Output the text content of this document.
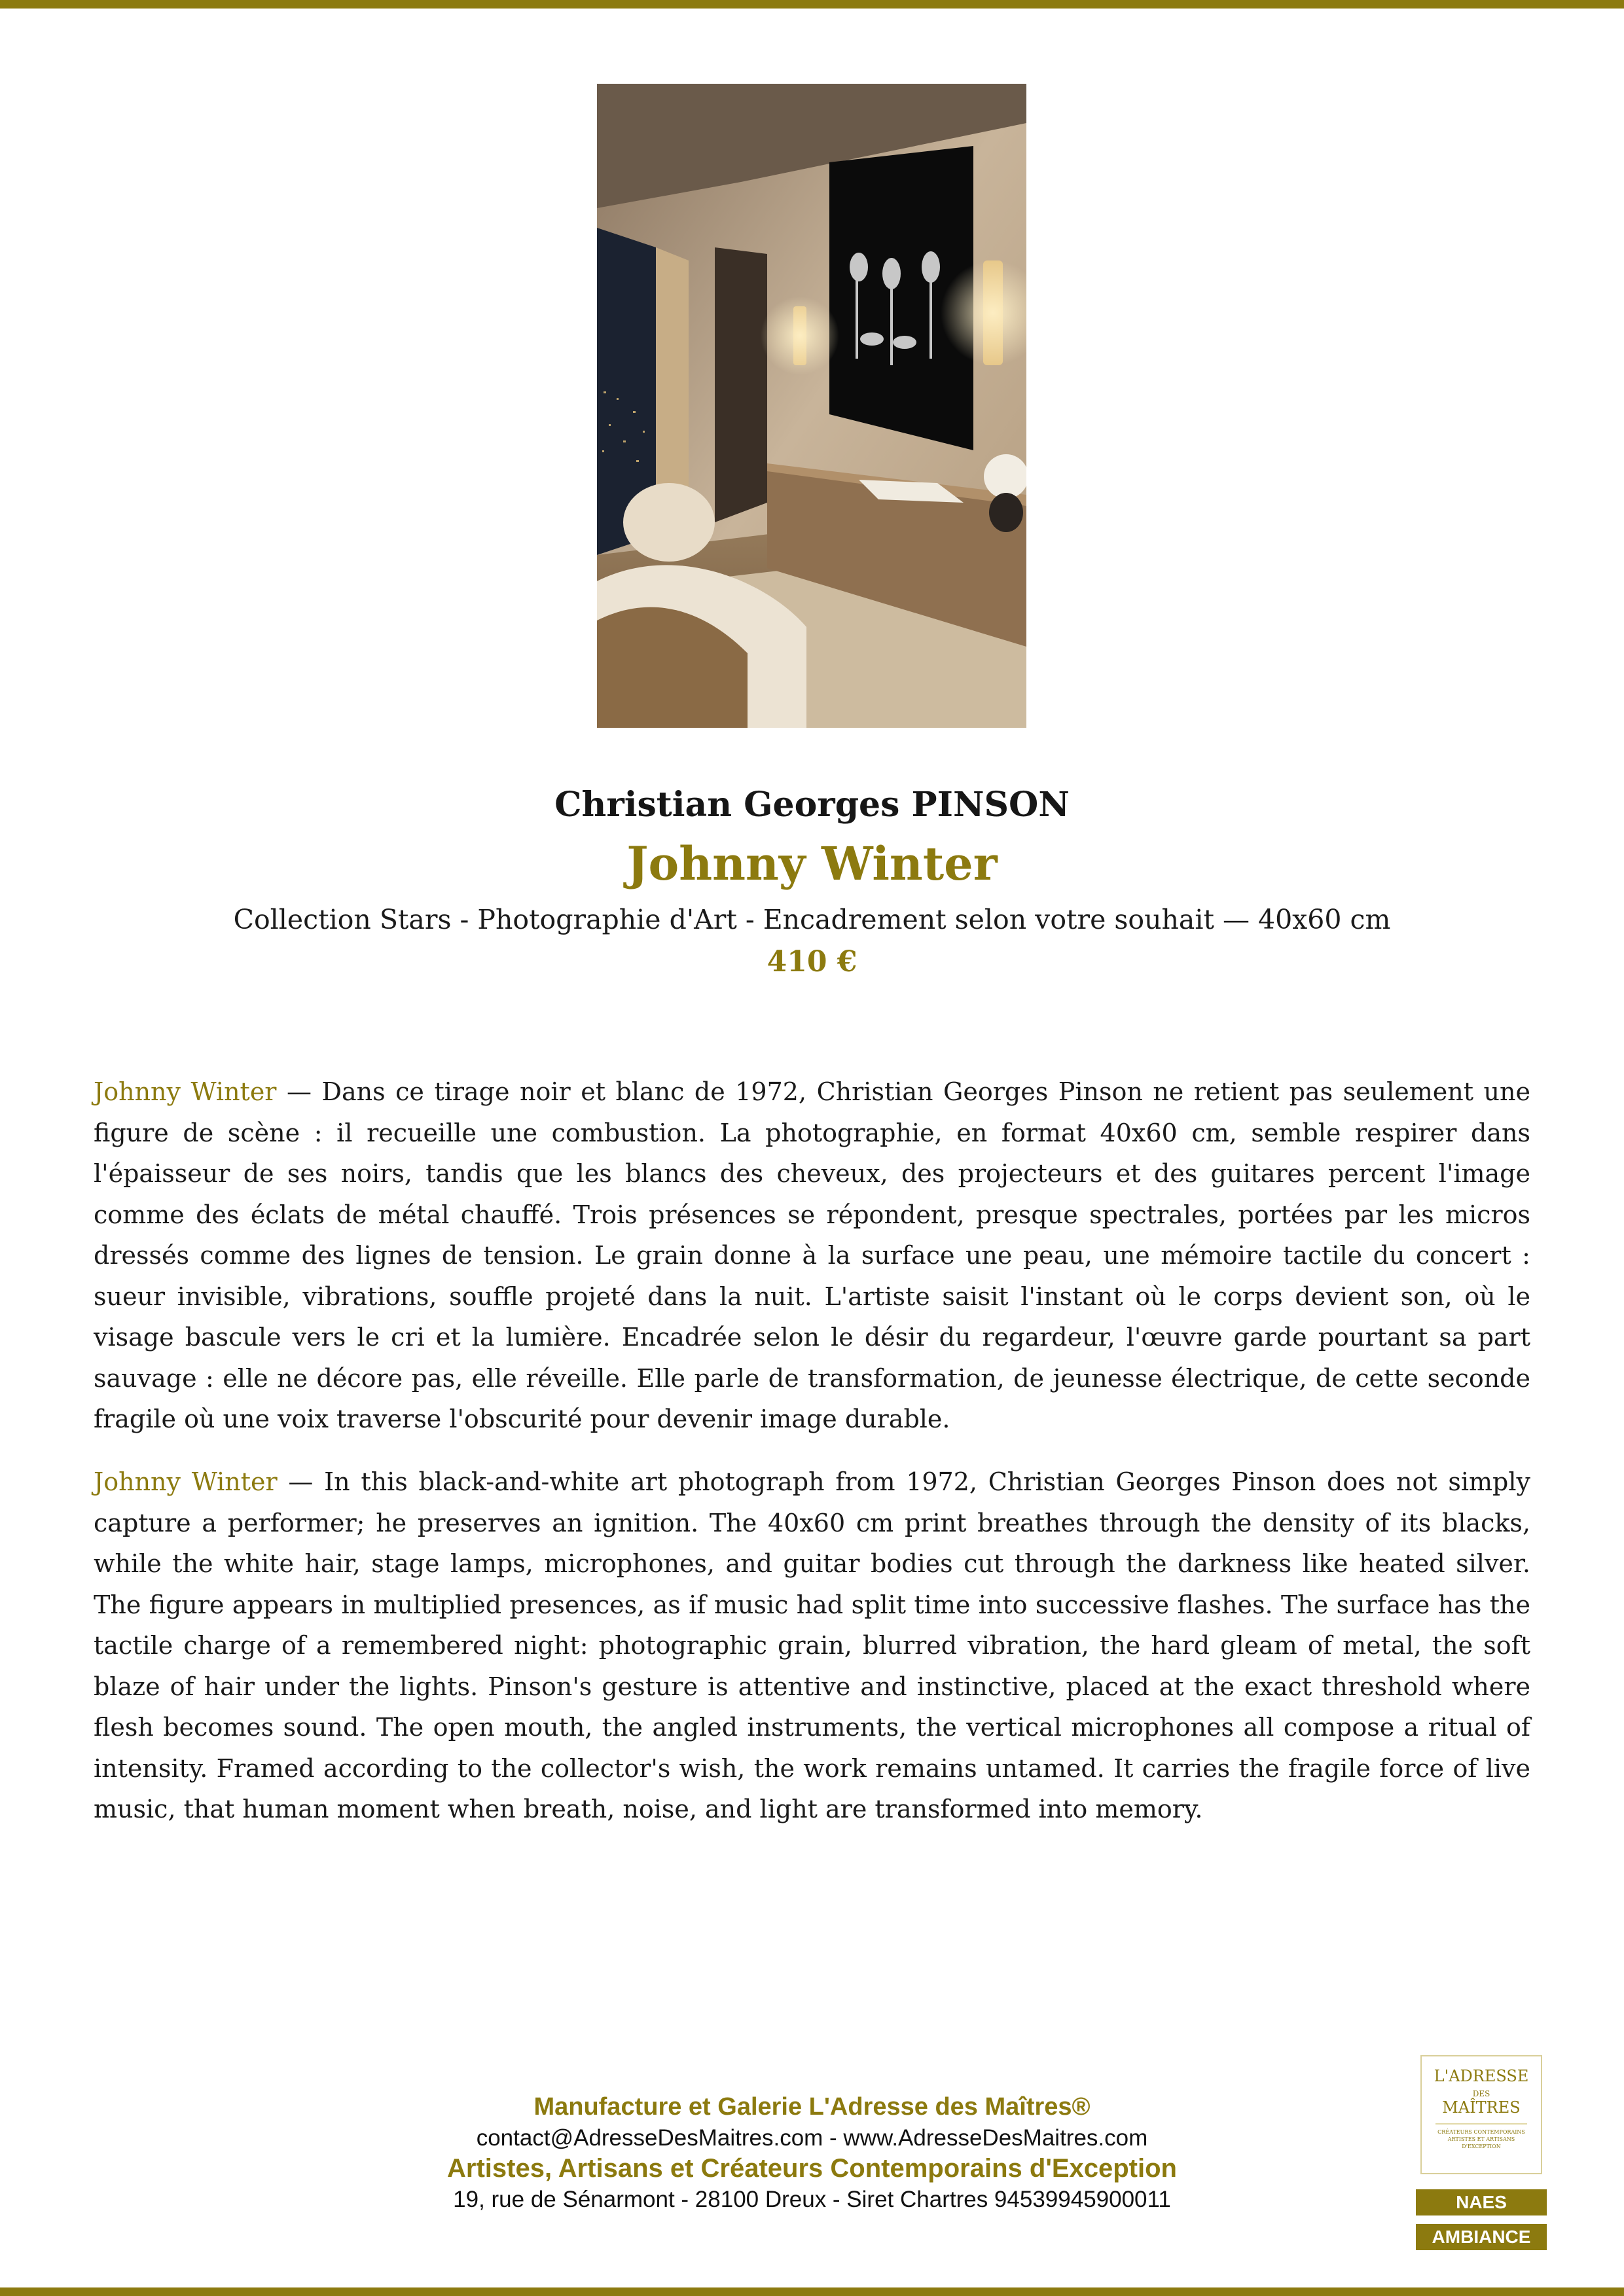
Christian Georges PINSON

Johnny Winter

Collection Stars - Photographie d'Art - Encadrement selon votre souhait — 40x60 cm

410 €

Johnny Winter — Dans ce tirage noir et blanc de 1972, Christian Georges Pinson ne retient pas seulement une figure de scène : il recueille une combustion. La photographie, en format 40x60 cm, semble respirer dans l'épaisseur de ses noirs, tandis que les blancs des cheveux, des projecteurs et des guitares percent l'image comme des éclats de métal chauffé. Trois présences se répondent, presque spectrales, portées par les micros dressés comme des lignes de tension. Le grain donne à la surface une peau, une mémoire tactile du concert : sueur invisible, vibrations, souffle projeté dans la nuit. L'artiste saisit l'instant où le corps devient son, où le visage bascule vers le cri et la lumière. Encadrée selon le désir du regardeur, l'œuvre garde pourtant sa part sauvage : elle ne décore pas, elle réveille. Elle parle de transformation, de jeunesse électrique, de cette seconde fragile où une voix traverse l'obscurité pour devenir image durable.

Johnny Winter — In this black-and-white art photograph from 1972, Christian Georges Pinson does not simply capture a performer; he preserves an ignition. The 40x60 cm print breathes through the density of its blacks, while the white hair, stage lamps, microphones, and guitar bodies cut through the darkness like heated silver. The figure appears in multiplied presences, as if music had split time into successive flashes. The surface has the tactile charge of a remembered night: photographic grain, blurred vibration, the hard gleam of metal, the soft blaze of hair under the lights. Pinson's gesture is attentive and instinctive, placed at the exact threshold where flesh becomes sound. The open mouth, the angled instruments, the vertical microphones all compose a ritual of intensity. Framed according to the collector's wish, the work remains untamed. It carries the fragile force of live music, that human moment when breath, noise, and light are transformed into memory.

Manufacture et Galerie L'Adresse des Maîtres®
contact@AdresseDesMaitres.com - www.AdresseDesMaitres.com
Artistes, Artisans et Créateurs Contemporains d'Exception
19, rue de Sénarmont - 28100 Dreux - Siret Chartres 94539945900011
L'ADRESSE
DES
MAÎTRES
CRÉATEURS CONTEMPORAINS ARTISTES ET ARTISANS D'EXCEPTION
NAES
AMBIANCE
